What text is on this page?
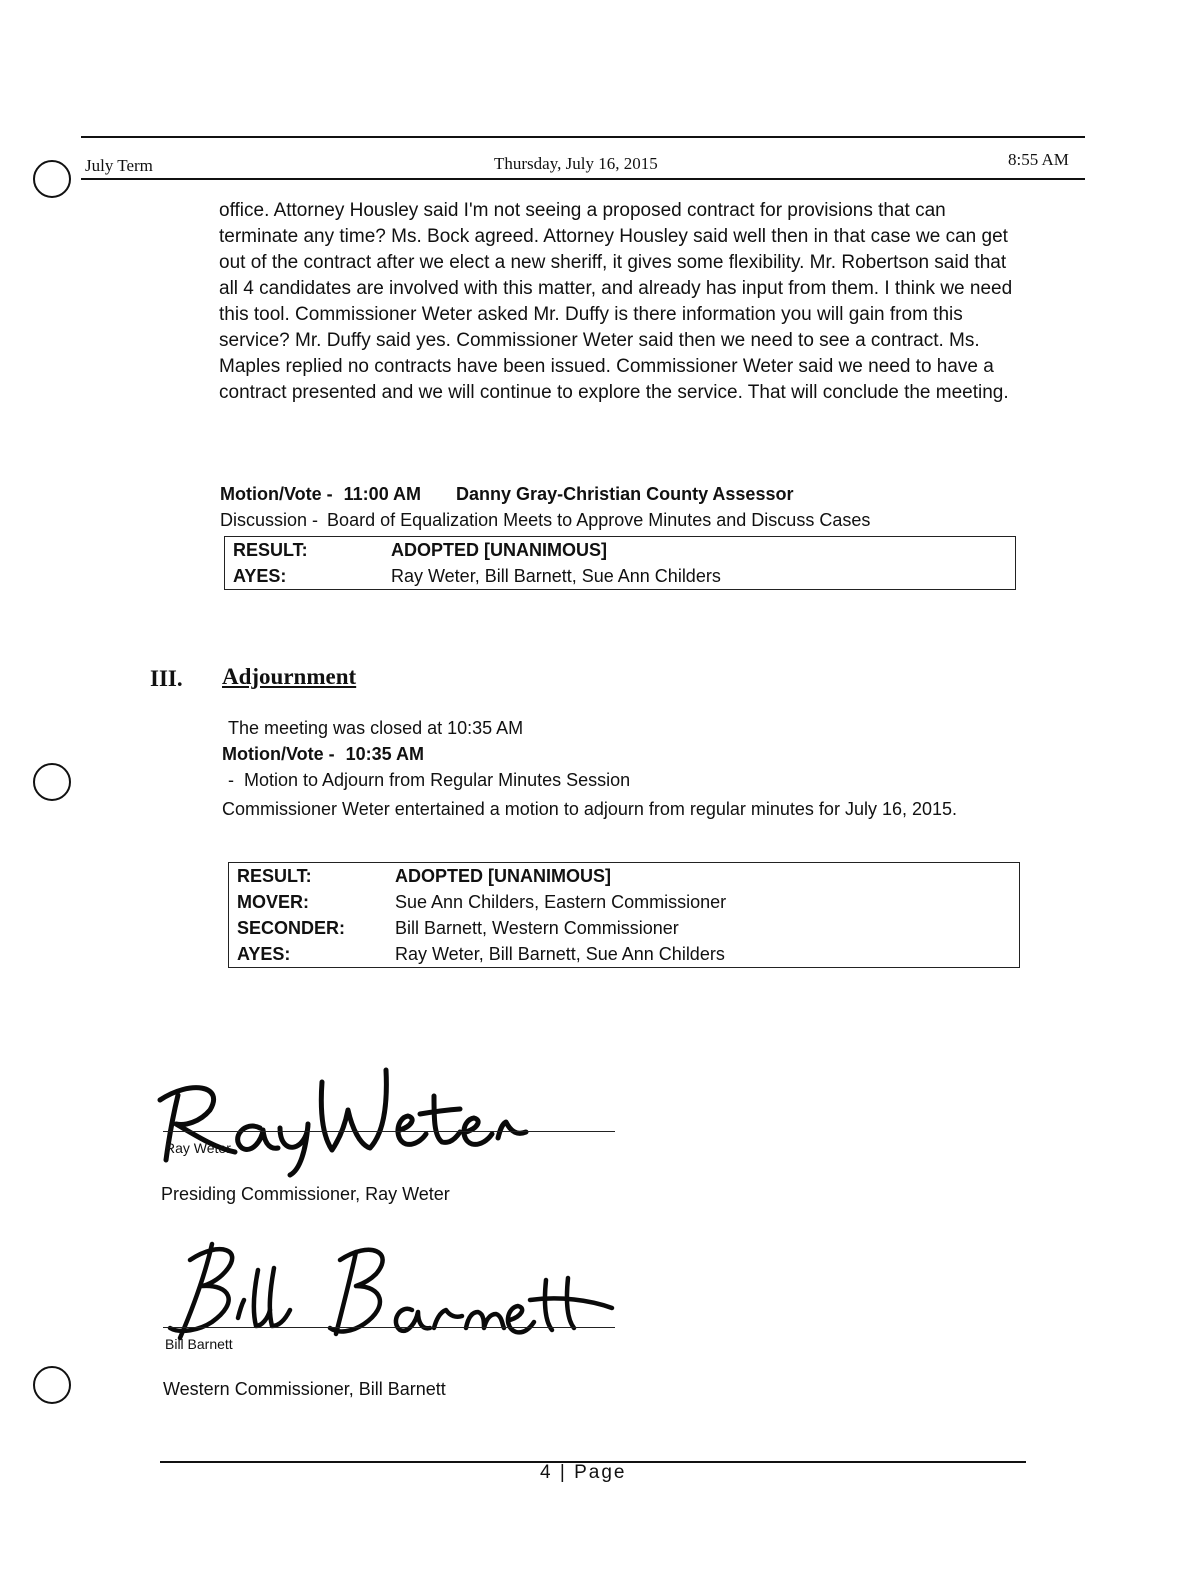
July Term	Thursday, July 16, 2015	8:55 AM
office. Attorney Housley said I'm not seeing a proposed contract for provisions that can terminate any time? Ms. Bock agreed. Attorney Housley said well then in that case we can get out of the contract after we elect a new sheriff, it gives some flexibility. Mr. Robertson said that all 4 candidates are involved with this matter, and already has input from them. I think we need this tool. Commissioner Weter asked Mr. Duffy is there information you will gain from this service? Mr. Duffy said yes. Commissioner Weter said then we need to see a contract. Ms. Maples replied no contracts have been issued. Commissioner Weter said we need to have a contract presented and we will continue to explore the service. That will conclude the meeting.
Motion/Vote - 11:00 AM Danny Gray-Christian County Assessor
Discussion - Board of Equalization Meets to Approve Minutes and Discuss Cases
RESULT:	ADOPTED [UNANIMOUS]
AYES:	Ray Weter, Bill Barnett, Sue Ann Childers
III. Adjournment
The meeting was closed at 10:35 AM
Motion/Vote - 10:35 AM
-  Motion to Adjourn from Regular Minutes Session
Commissioner Weter entertained a motion to adjourn from regular minutes for July 16, 2015.
RESULT:	ADOPTED [UNANIMOUS]
MOVER:	Sue Ann Childers, Eastern Commissioner
SECONDER:	Bill Barnett, Western Commissioner
AYES:	Ray Weter, Bill Barnett, Sue Ann Childers
Ray Weter
Presiding Commissioner, Ray Weter
Bill Barnett
Western Commissioner, Bill Barnett
4 | Page
